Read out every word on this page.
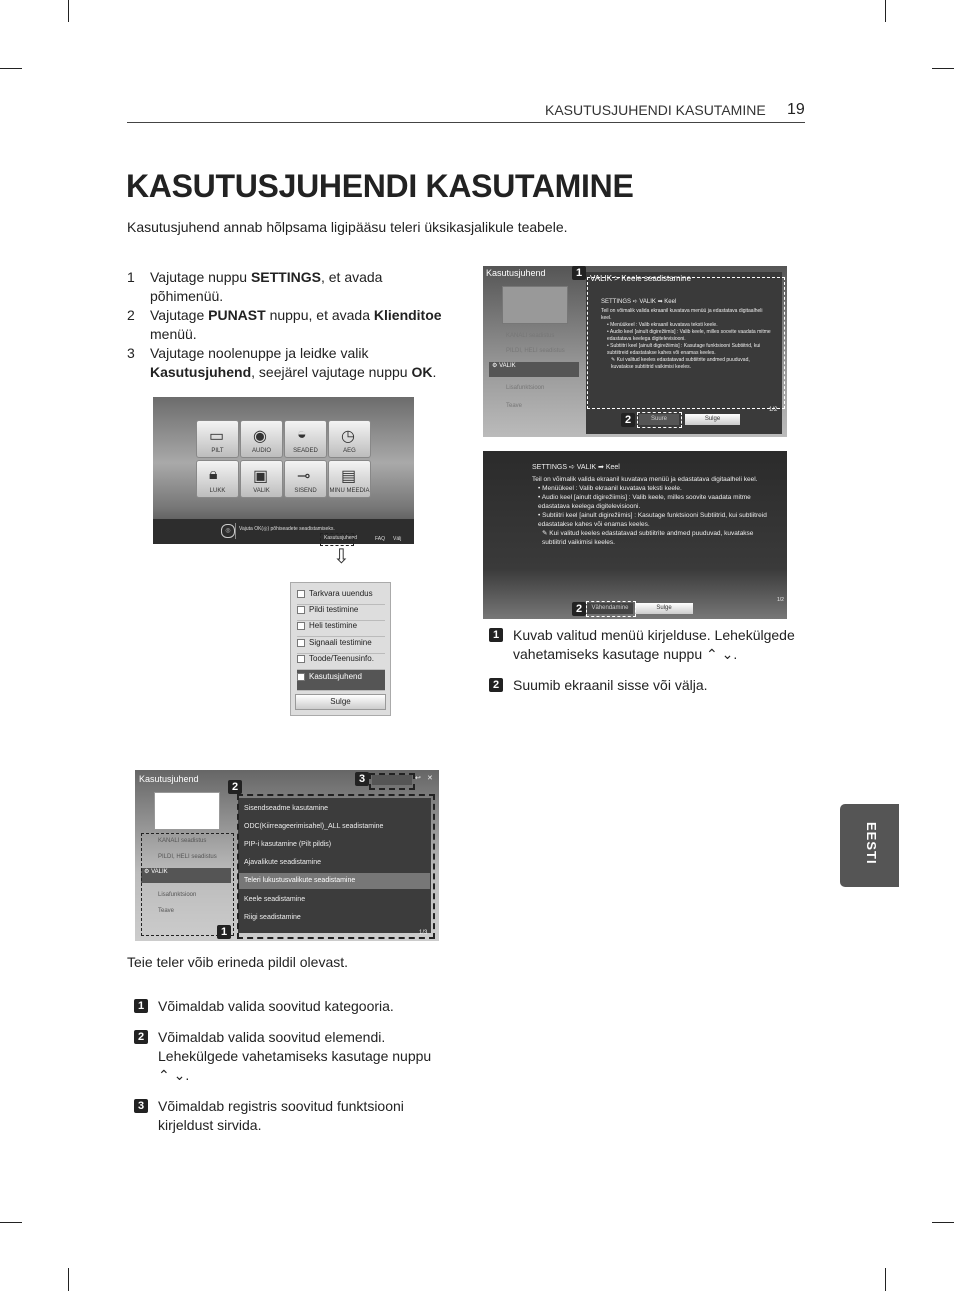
KASUTUSJUHENDI KASUTAMINE 19
KASUTUSJUHENDI KASUTAMINE
Kasutusjuhend annab hõlpsama ligipääsu teleri üksikasjalikule teabele.
1	Vajutage nuppu SETTINGS, et avada põhimenüü.
2	Vajutage PUNAST nuppu, et avada Klienditoe menüü.
3	Vajutage noolenuppe ja leidke valik Kasutusjuhend, seejärel vajutage nuppu OK.
▭
PILT
◉
AUDIO
◒
SEADED
◷
AEG
🔒︎
LUKK
▣
VALIK
⊸
SISEND
▤
MINU MEEDIA
◎	Vajuta OK(◎) põhiseadete seadistamiseks.
Kasutusjuhend	FAQ Välj
⇩
Tarkvara uuendus
Pildi testimine
Heli testimine
Signaali testimine
Toode/Teenusinfo.
Kasutusjuhend
Sulge
Kasutusjuhend
KANALI seadistus
PILDI, HELI seadistus
⚙ VALIK
Lisafunktsioon
Teave
Sisendseadme kasutamine
ODC(Kiirreageerimisahel)_ALL seadistamine
PIP-i kasutamine (Pilt pildis)
Ajavalikute seadistamine
Teleri lukustusvalikute seadistamine
Keele seadistamine
Riigi seadistamine
1/3
↩ ✕
1
2
3
Teie teler võib erineda pildil olevast.
1 Võimaldab valida soovitud kategooria.
2 Võimaldab valida soovitud elemendi. Lehekülgede vahetamiseks kasutage nuppu ⌃ ⌄.
3 Võimaldab registris soovitud funktsiooni kirjeldust sirvida.
Kasutusjuhend
KANALI seadistus
PILDI, HELI seadistus
⚙ VALIK
Lisafunktsioon
Teave
VALIK > Keele seadistamine
SETTINGS ➪ VALIK ➡ Keel
Teil on võimalik valida ekraanil kuvatava menüü ja edastatava digitaalheli keel.
• Menüükeel : Valib ekraanil kuvatava teksti keele.
• Audio keel [ainult digirežiimis] : Valib keele, milles soovite vaadata mitme edastatava keelega digitelevisiooni.
• Subtiitri keel [ainult digirežiimis] : Kasutage funktsiooni Subtiitrid, kui subtiitreid edastatakse kahes või enamas keeles.
✎ Kui valitud keeles edastatavad subtiitrite andmed puuduvad, kuvatakse subtiitrid vaikimisi keeles.
1/2
Suure	Sulge
1
2
SETTINGS ➪ VALIK ➡ Keel
Teil on võimalik valida ekraanil kuvatava menüü ja edastatava digitaalheli keel.
• Menüükeel : Valib ekraanil kuvatava teksti keele.
• Audio keel [ainult digirežiimis] : Valib keele, milles soovite vaadata mitme edastatava keelega digitelevisiooni.
• Subtiitri keel [ainult digirežiimis] : Kasutage funktsiooni Subtiitrid, kui subtiitreid edastatakse kahes või enamas keeles.
✎ Kui valitud keeles edastatavad subtiitrite andmed puuduvad, kuvatakse subtiitrid vaikimisi keeles.
1/2
Vähendamine	Sulge
2
1 Kuvab valitud menüü kirjelduse. Lehekülgede vahetamiseks kasutage nuppu ⌃ ⌄.
2 Suumib ekraanil sisse või välja.
EESTI
